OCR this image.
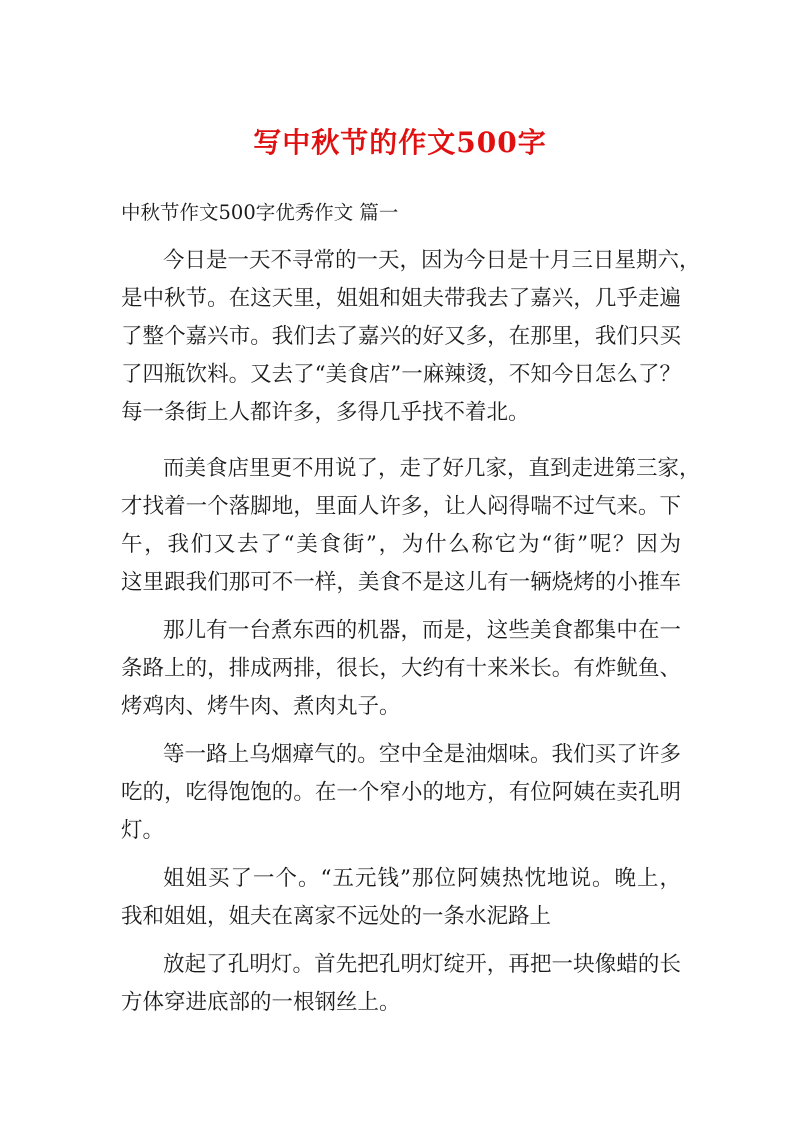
写中秋节的作文500字
中秋节作文500字优秀作文 篇一
今日是一天不寻常的一天，因为今日是十月三日星期六，
是中秋节。在这天里，姐姐和姐夫带我去了嘉兴，几乎走遍
了整个嘉兴市。我们去了嘉兴的好又多，在那里，我们只买
了四瓶饮料。又去了“美食店”一麻辣烫，不知今日怎么了？
每一条街上人都许多，多得几乎找不着北。
而美食店里更不用说了，走了好几家，直到走进第三家，
才找着一个落脚地，里面人许多，让人闷得喘不过气来。下
午，我们又去了“美食街”，为什么称它为“街”呢？因为
这里跟我们那可不一样，美食不是这儿有一辆烧烤的小推车
那儿有一台煮东西的机器，而是，这些美食都集中在一
条路上的，排成两排，很长，大约有十来米长。有炸鱿鱼、
烤鸡肉、烤牛肉、煮肉丸子。
等一路上乌烟瘴气的。空中全是油烟味。我们买了许多
吃的，吃得饱饱的。在一个窄小的地方，有位阿姨在卖孔明
灯。
姐姐买了一个。“五元钱”那位阿姨热忱地说。晚上，
我和姐姐，姐夫在离家不远处的一条水泥路上
放起了孔明灯。首先把孔明灯绽开，再把一块像蜡的长
方体穿进底部的一根钢丝上。
